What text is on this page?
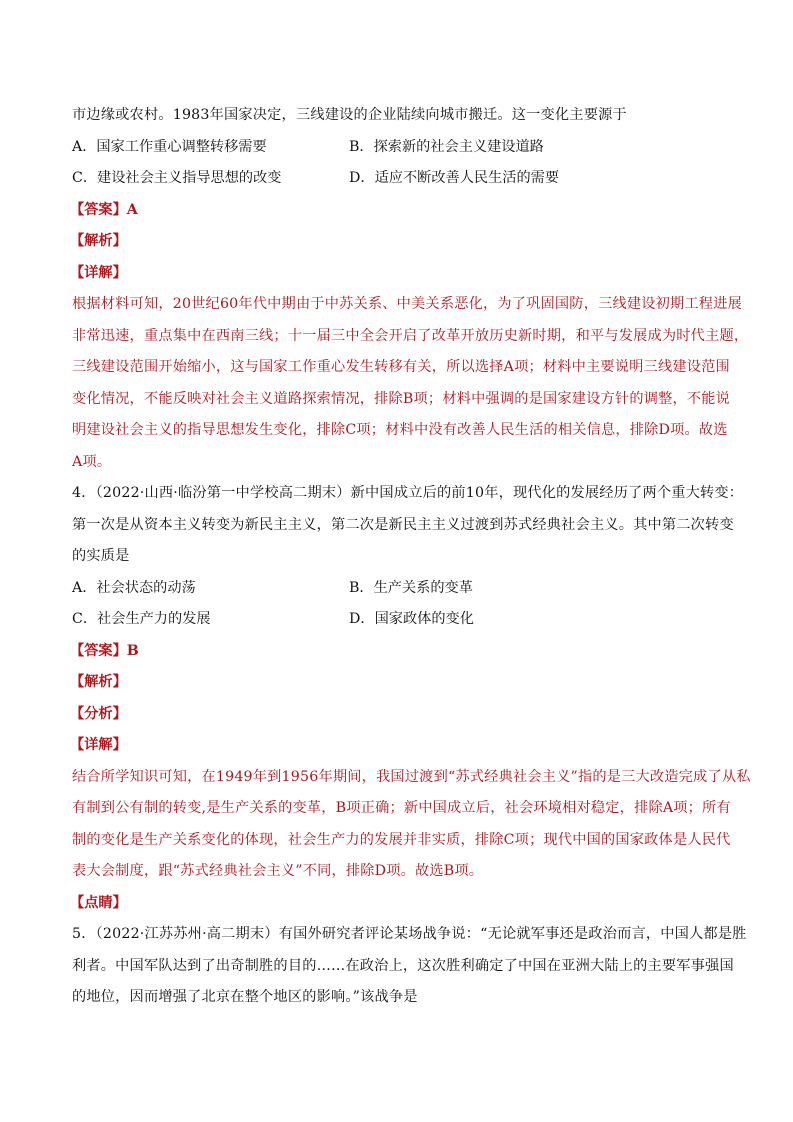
市边缘或农村。1983年国家决定，三线建设的企业陆续向城市搬迁。这一变化主要源于
A．国家工作重心调整转移需要	B．探索新的社会主义建设道路
C．建设社会主义指导思想的改变	D．适应不断改善人民生活的需要
【答案】A
【解析】
【详解】
根据材料可知，20世纪60年代中期由于中苏关系、中美关系恶化，为了巩固国防，三线建设初期工程进展
非常迅速，重点集中在西南三线；十一届三中全会开启了改革开放历史新时期，和平与发展成为时代主题，
三线建设范围开始缩小，这与国家工作重心发生转移有关，所以选择A项；材料中主要说明三线建设范围
变化情况，不能反映对社会主义道路探索情况，排除B项；材料中强调的是国家建设方针的调整，不能说
明建设社会主义的指导思想发生变化，排除C项；材料中没有改善人民生活的相关信息，排除D项。故选
A项。
4．（2022·山西·临汾第一中学校高二期末）新中国成立后的前10年，现代化的发展经历了两个重大转变：
第一次是从资本主义转变为新民主主义，第二次是新民主主义过渡到苏式经典社会主义。其中第二次转变
的实质是
A．社会状态的动荡	B．生产关系的变革
C．社会生产力的发展	D．国家政体的变化
【答案】B
【解析】
【分析】
【详解】
结合所学知识可知，在1949年到1956年期间，我国过渡到“苏式经典社会主义”指的是三大改造完成了从私
有制到公有制的转变,是生产关系的变革，B项正确；新中国成立后，社会环境相对稳定，排除A项；所有
制的变化是生产关系变化的体现，社会生产力的发展并非实质，排除C项；现代中国的国家政体是人民代
表大会制度，跟“苏式经典社会主义”不同，排除D项。故选B项。
【点睛】
5．（2022·江苏苏州·高二期末）有国外研究者评论某场战争说：“无论就军事还是政治而言，中国人都是胜
利者。中国军队达到了出奇制胜的目的……在政治上，这次胜利确定了中国在亚洲大陆上的主要军事强国
的地位，因而增强了北京在整个地区的影响。”该战争是
